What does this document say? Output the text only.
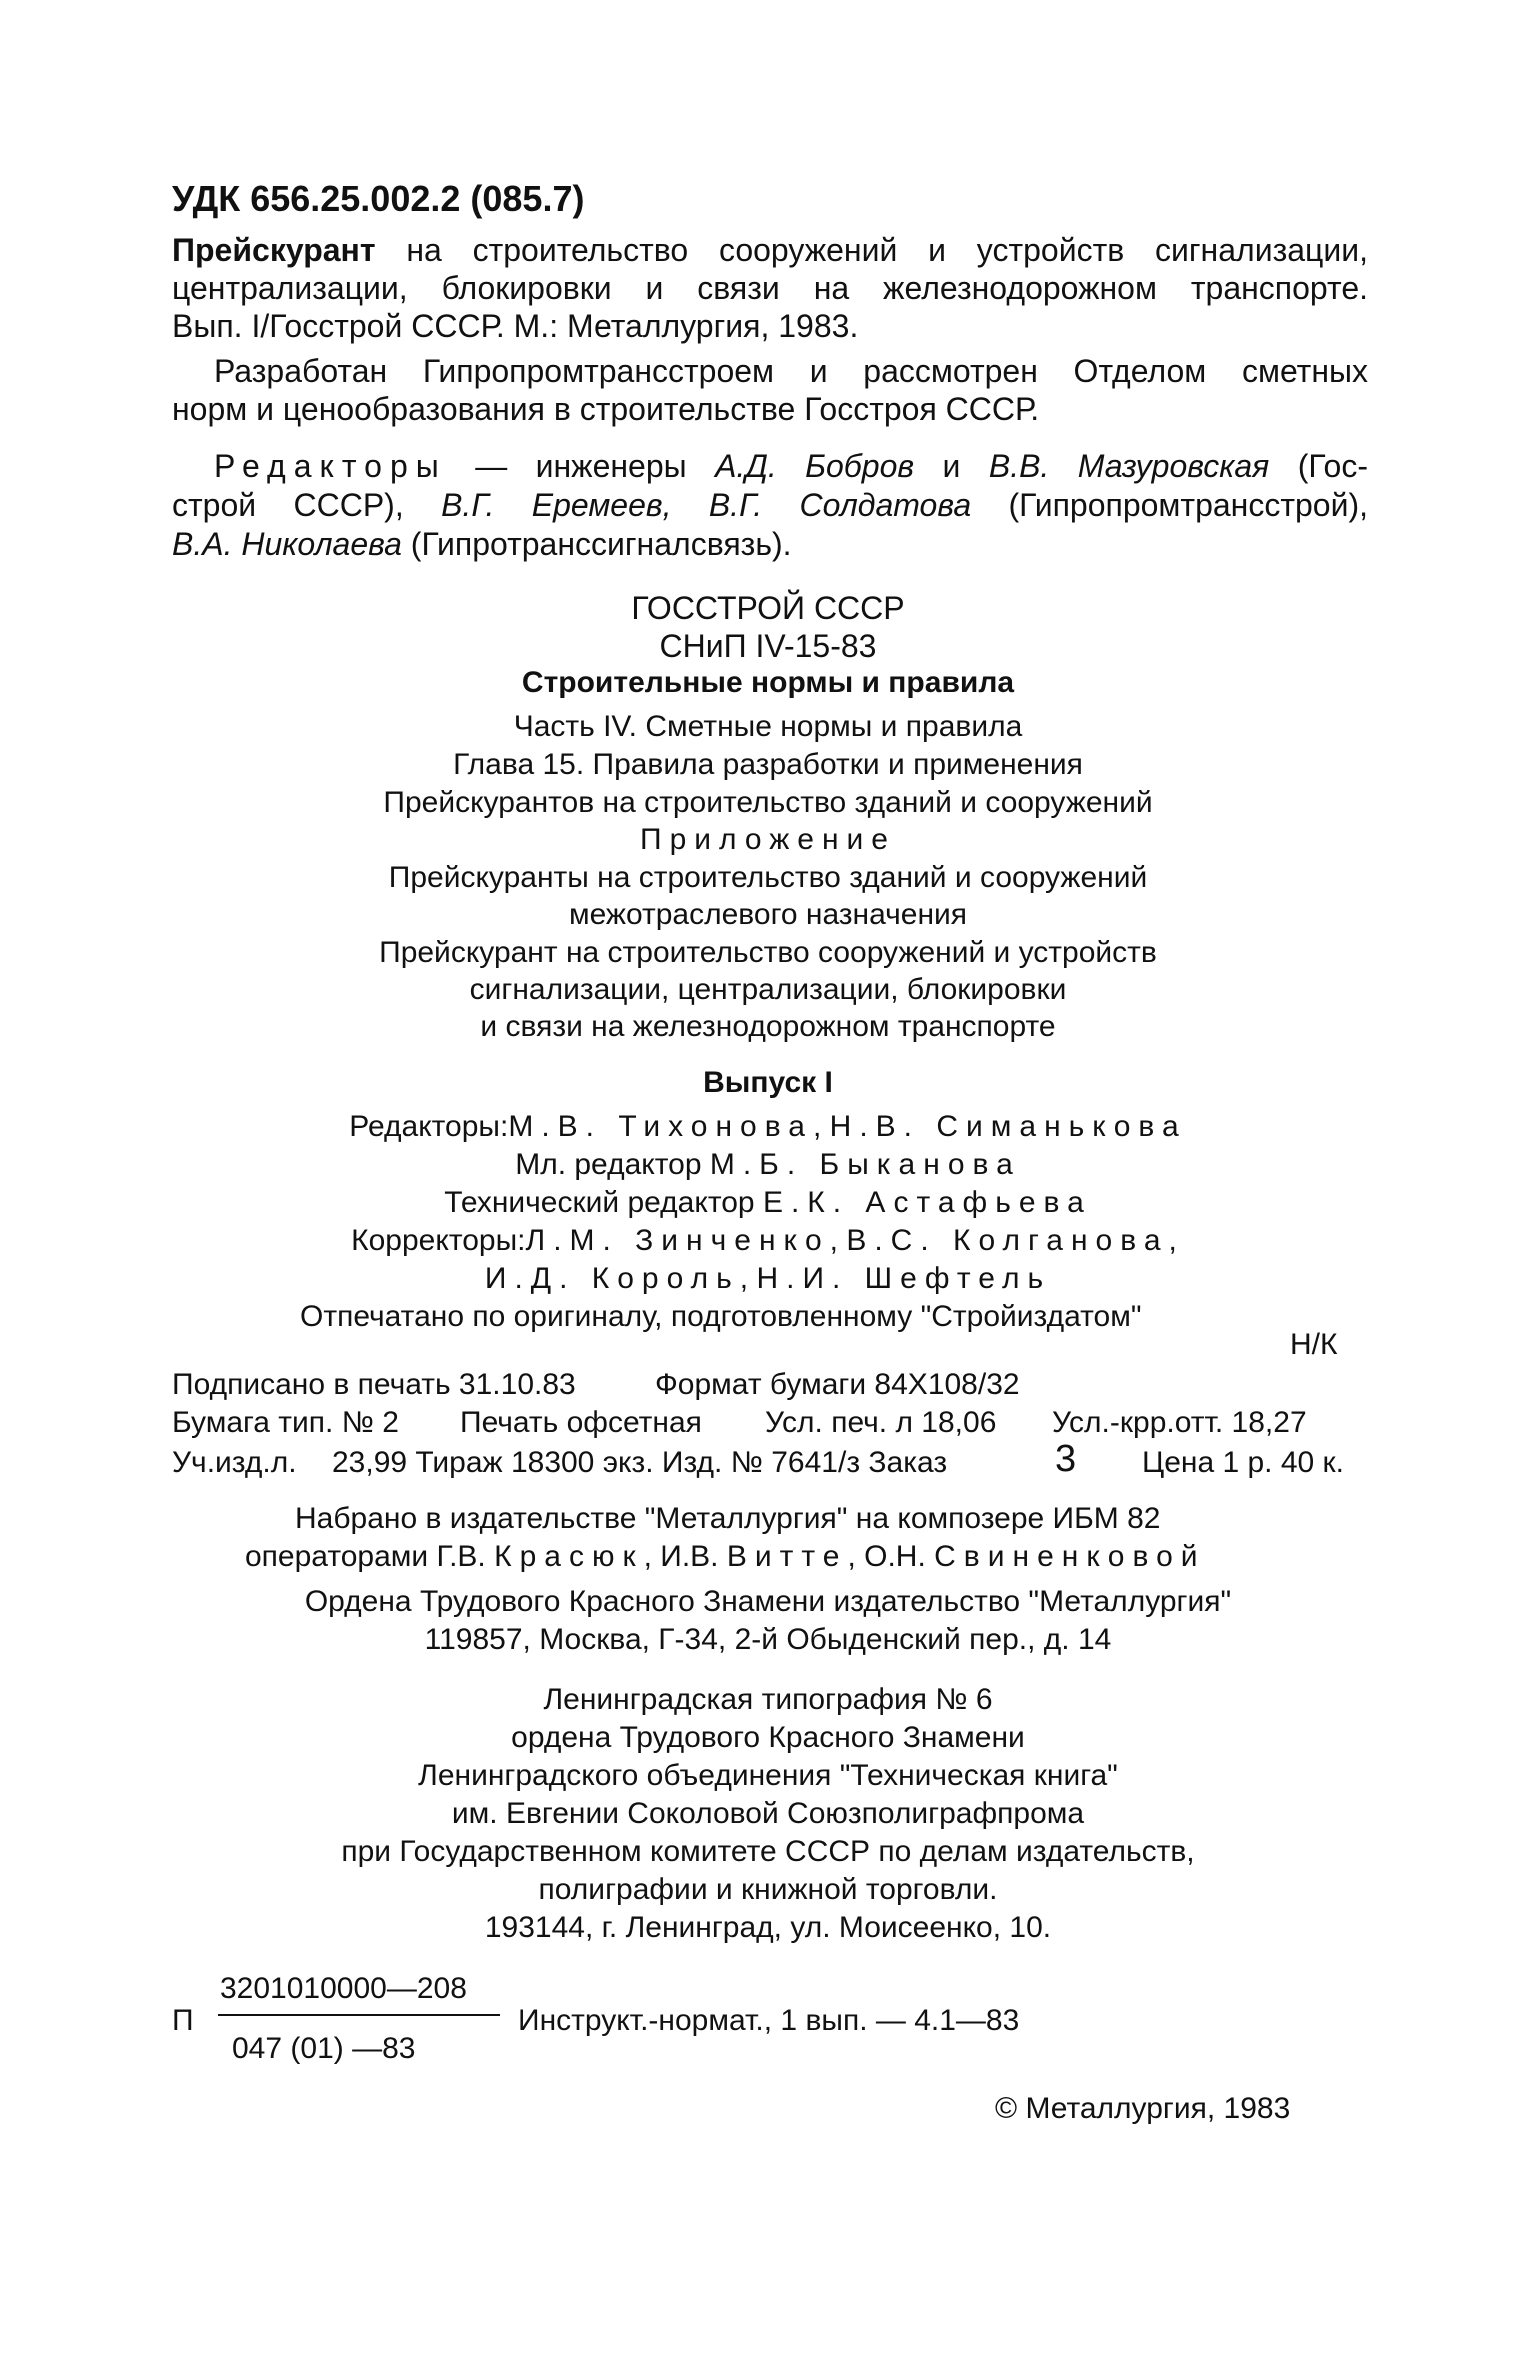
УДК 656.25.002.2 (085.7)
Прейскурант на строительство сооружений и устройств сигнализации,
централизации, блокировки и связи на железнодорожном транспорте.
Вып. I/Госстрой СССР. М.: Металлургия, 1983.
Разработан Гипропромтрансстроем и рассмотрен Отделом сметных
норм и ценообразования в строительстве Госстроя СССР.
Редакторы — инженеры А.Д. Бобров и В.В. Мазуровская (Гос-
строй СССР), В.Г. Еремеев, В.Г. Солдатова (Гипропромтрансстрой),
В.А. Николаева (Гипротранссигналсвязь).
ГОССТРОЙ СССР
СНиП IV-15-83
Строительные нормы и правила
Часть IV. Сметные нормы и правила
Глава 15. Правила разработки и применения
Прейскурантов на строительство зданий и сооружений
Приложение
Прейскуранты на строительство зданий и сооружений
межотраслевого назначения
Прейскурант на строительство сооружений и устройств
сигнализации, централизации, блокировки
и связи на железнодорожном транспорте
Выпуск I
Редакторы:М.В. Тихонова, Н.В. Симанькова
Мл. редактор М.Б. Быканова
Технический редактор Е.К. Астафьева
Корректоры:Л.М. Зинченко, В.С. Колганова,
И.Д. Король, Н.И. Шефтель
Отпечатано по оригиналу, подготовленному "Стройиздатом"
Н/К
Подписано в печать 31.10.83	Формат бумаги 84Х108/32
Бумага тип. № 2 Печать офсетная Усл. печ. л 18,06 Усл.-крр.отт. 18,27
Уч.изд.л. 23,99 Тираж 18300 экз. Изд. № 7641/з Заказ	3 Цена 1 р. 40 к.
Набрано в издательстве "Металлургия" на композере ИБМ 82
операторами Г.В. Красюк, И.В. Витте, О.Н. Свиненковой
Ордена Трудового Красного Знамени издательство "Металлургия"
119857, Москва, Г-34, 2-й Обыденский пер., д. 14
Ленинградская типография № 6
ордена Трудового Красного Знамени
Ленинградского объединения "Техническая книга"
им. Евгении Соколовой Союзполиграфпрома
при Государственном комитете СССР по делам издательств,
полиграфии и книжной торговли.
193144, г. Ленинград, ул. Моисеенко, 10.
П
3201010000—208
047 (01) —83
Инструкт.-нормат., 1 вып. — 4.1—83
© Металлургия, 1983
